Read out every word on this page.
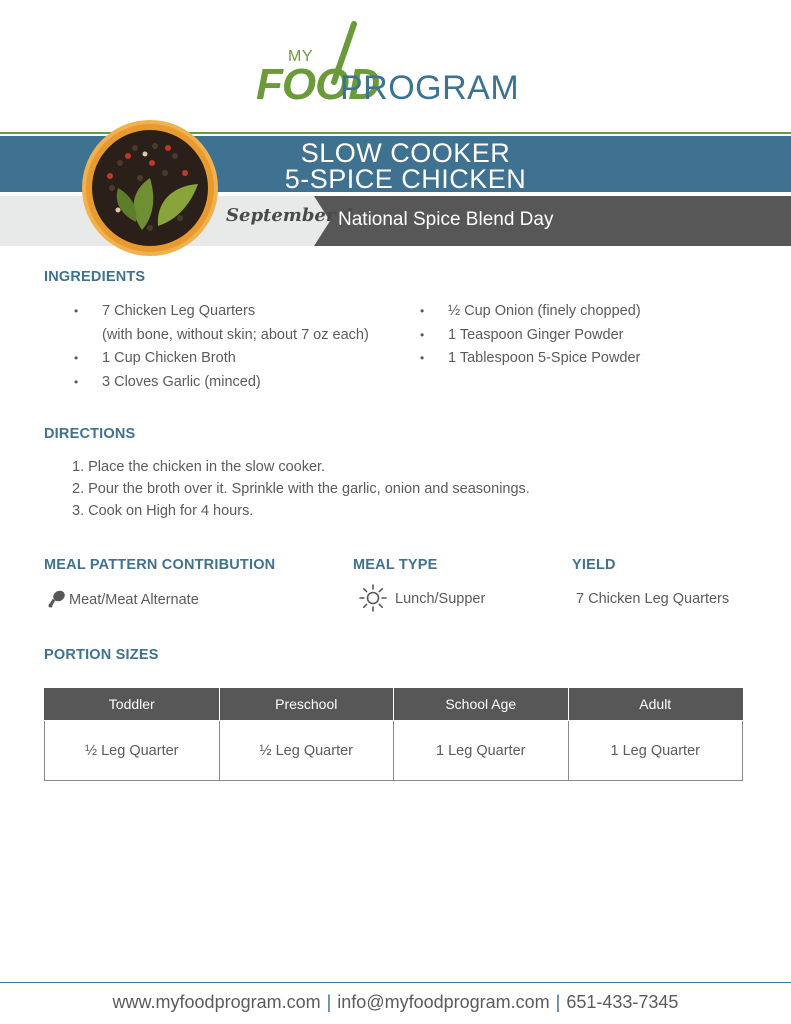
MY
FOOD
PROGRAM
SLOW COOKER
5-SPICE CHICKEN
September 4
National Spice Blend Day
INGREDIENTS
• 7 Chicken Leg Quarters
(with bone, without skin; about 7 oz each)
• 1 Cup Chicken Broth
• 3 Cloves Garlic (minced)
• ½ Cup Onion (finely chopped)
• 1 Teaspoon Ginger Powder
• 1 Tablespoon 5-Spice Powder
DIRECTIONS
1. Place the chicken in the slow cooker.
2. Pour the broth over it. Sprinkle with the garlic, onion and seasonings.
3. Cook on High for 4 hours.
MEAL PATTERN CONTRIBUTION
Meat/Meat Alternate
MEAL TYPE
Lunch/Supper
YIELD
7 Chicken Leg Quarters
PORTION SIZES
Toddler	Preschool	School Age	Adult
½ Leg Quarter	½ Leg Quarter	1 Leg Quarter	1 Leg Quarter
www.myfoodprogram.com | info@myfoodprogram.com | 651-433-7345
